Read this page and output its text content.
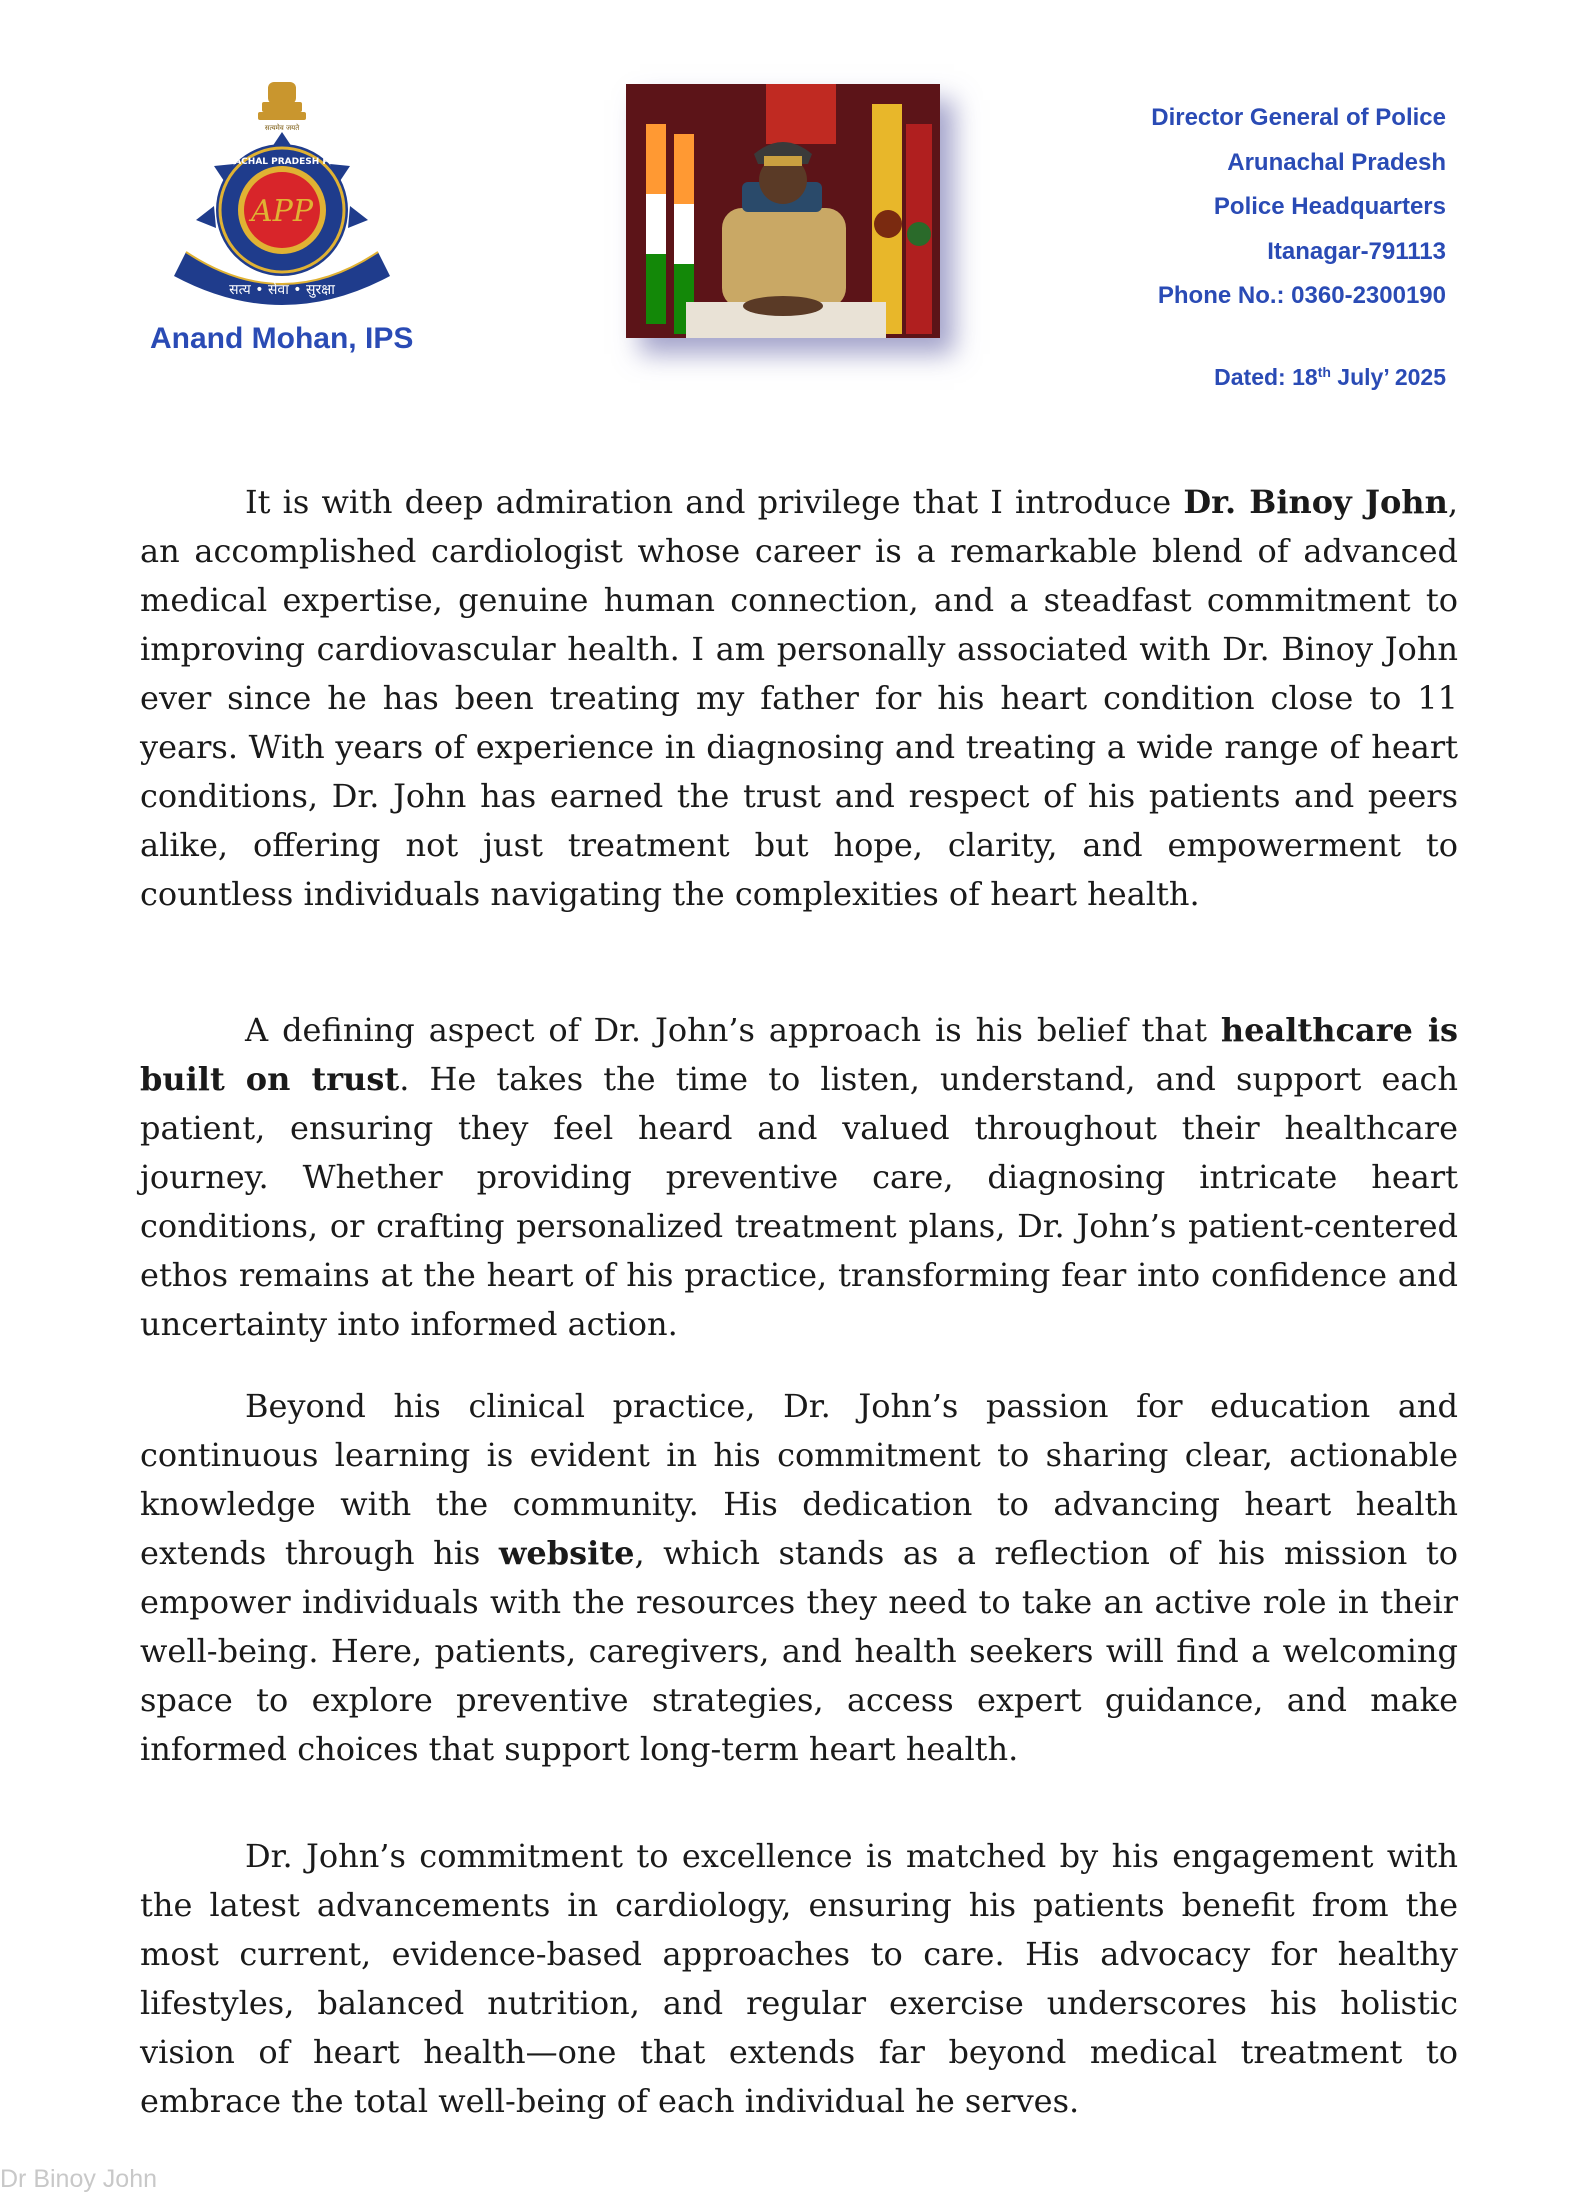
सत्यमेव जयते
APP
ARUNACHAL PRADESH POLICE
सत्य • सेवा • सुरक्षा
Anand Mohan, IPS
Director General of Police
Arunachal Pradesh
Police Headquarters
Itanagar-791113
Phone No.: 0360-2300190
Dated: 18th July’ 2025

It is with deep admiration and privilege that I introduce Dr. Binoy John, an accomplished cardiologist whose career is a remarkable blend of advanced medical expertise, genuine human connection, and a steadfast commitment to improving cardiovascular health. I am personally associated with Dr. Binoy John ever since he has been treating my father for his heart condition close to 11 years. With years of experience in diagnosing and treating a wide range of heart conditions, Dr. John has earned the trust and respect of his patients and peers alike, offering not just treatment but hope, clarity, and empowerment to countless individuals navigating the complexities of heart health.

A defining aspect of Dr. John’s approach is his belief that healthcare is built on trust. He takes the time to listen, understand, and support each patient, ensuring they feel heard and valued throughout their healthcare journey. Whether providing preventive care, diagnosing intricate heart conditions, or crafting personalized treatment plans, Dr. John’s patient-centered ethos remains at the heart of his practice, transforming fear into confidence and uncertainty into informed action.

Beyond his clinical practice, Dr. John’s passion for education and continuous learning is evident in his commitment to sharing clear, actionable knowledge with the community. His dedication to advancing heart health extends through his website, which stands as a reflection of his mission to empower individuals with the resources they need to take an active role in their well-being. Here, patients, caregivers, and health seekers will find a welcoming space to explore preventive strategies, access expert guidance, and make informed choices that support long-term heart health.

Dr. John’s commitment to excellence is matched by his engagement with the latest advancements in cardiology, ensuring his patients benefit from the most current, evidence-based approaches to care. His advocacy for healthy lifestyles, balanced nutrition, and regular exercise underscores his holistic vision of heart health—one that extends far beyond medical treatment to embrace the total well-being of each individual he serves.

Dr Binoy John
